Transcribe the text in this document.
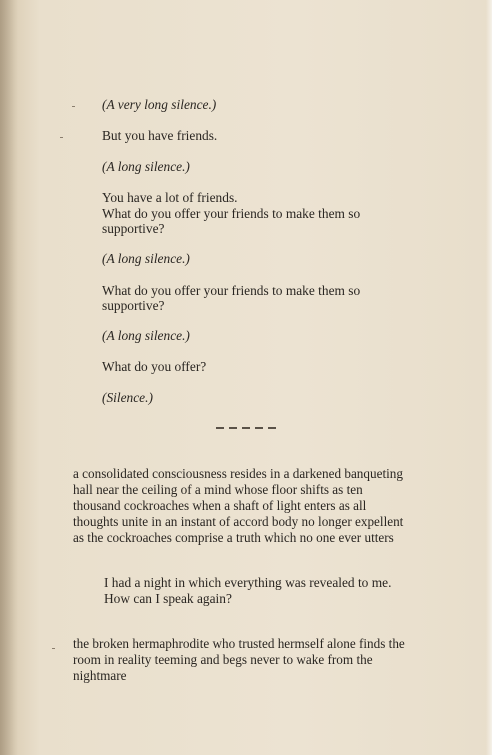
(A very long silence.)
But you have friends.
(A long silence.)
You have a lot of friends.
What do you offer your friends to make them so
supportive?
(A long silence.)
What do you offer your friends to make them so
supportive?
(A long silence.)
What do you offer?
(Silence.)
a consolidated consciousness resides in a darkened banqueting
hall near the ceiling of a mind whose floor shifts as ten
thousand cockroaches when a shaft of light enters as all
thoughts unite in an instant of accord body no longer expellent
as the cockroaches comprise a truth which no one ever utters
I had a night in which everything was revealed to me.
How can I speak again?
the broken hermaphrodite who trusted hermself alone finds the
room in reality teeming and begs never to wake from the
nightmare
